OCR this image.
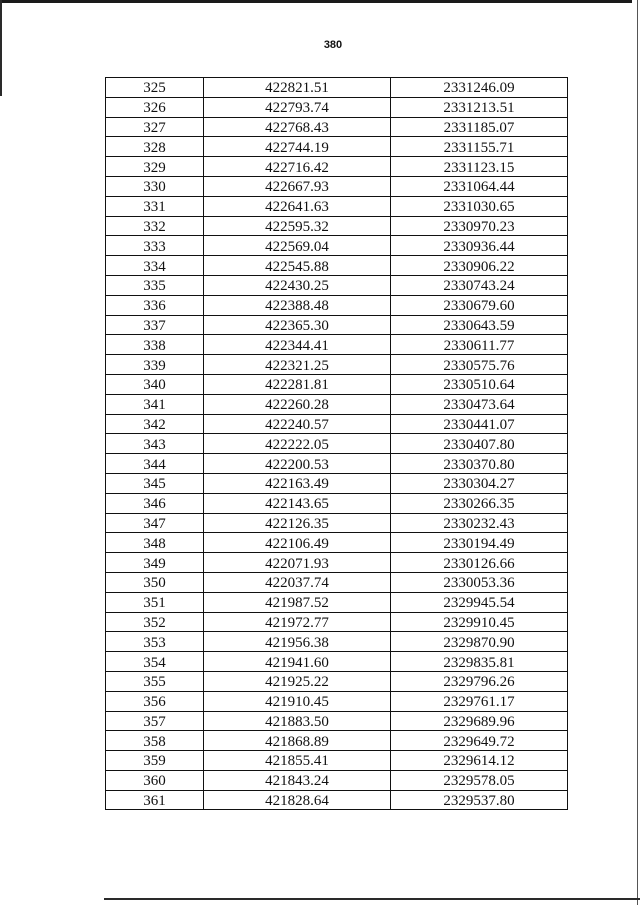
380
325	422821.51	2331246.09
326	422793.74	2331213.51
327	422768.43	2331185.07
328	422744.19	2331155.71
329	422716.42	2331123.15
330	422667.93	2331064.44
331	422641.63	2331030.65
332	422595.32	2330970.23
333	422569.04	2330936.44
334	422545.88	2330906.22
335	422430.25	2330743.24
336	422388.48	2330679.60
337	422365.30	2330643.59
338	422344.41	2330611.77
339	422321.25	2330575.76
340	422281.81	2330510.64
341	422260.28	2330473.64
342	422240.57	2330441.07
343	422222.05	2330407.80
344	422200.53	2330370.80
345	422163.49	2330304.27
346	422143.65	2330266.35
347	422126.35	2330232.43
348	422106.49	2330194.49
349	422071.93	2330126.66
350	422037.74	2330053.36
351	421987.52	2329945.54
352	421972.77	2329910.45
353	421956.38	2329870.90
354	421941.60	2329835.81
355	421925.22	2329796.26
356	421910.45	2329761.17
357	421883.50	2329689.96
358	421868.89	2329649.72
359	421855.41	2329614.12
360	421843.24	2329578.05
361	421828.64	2329537.80
